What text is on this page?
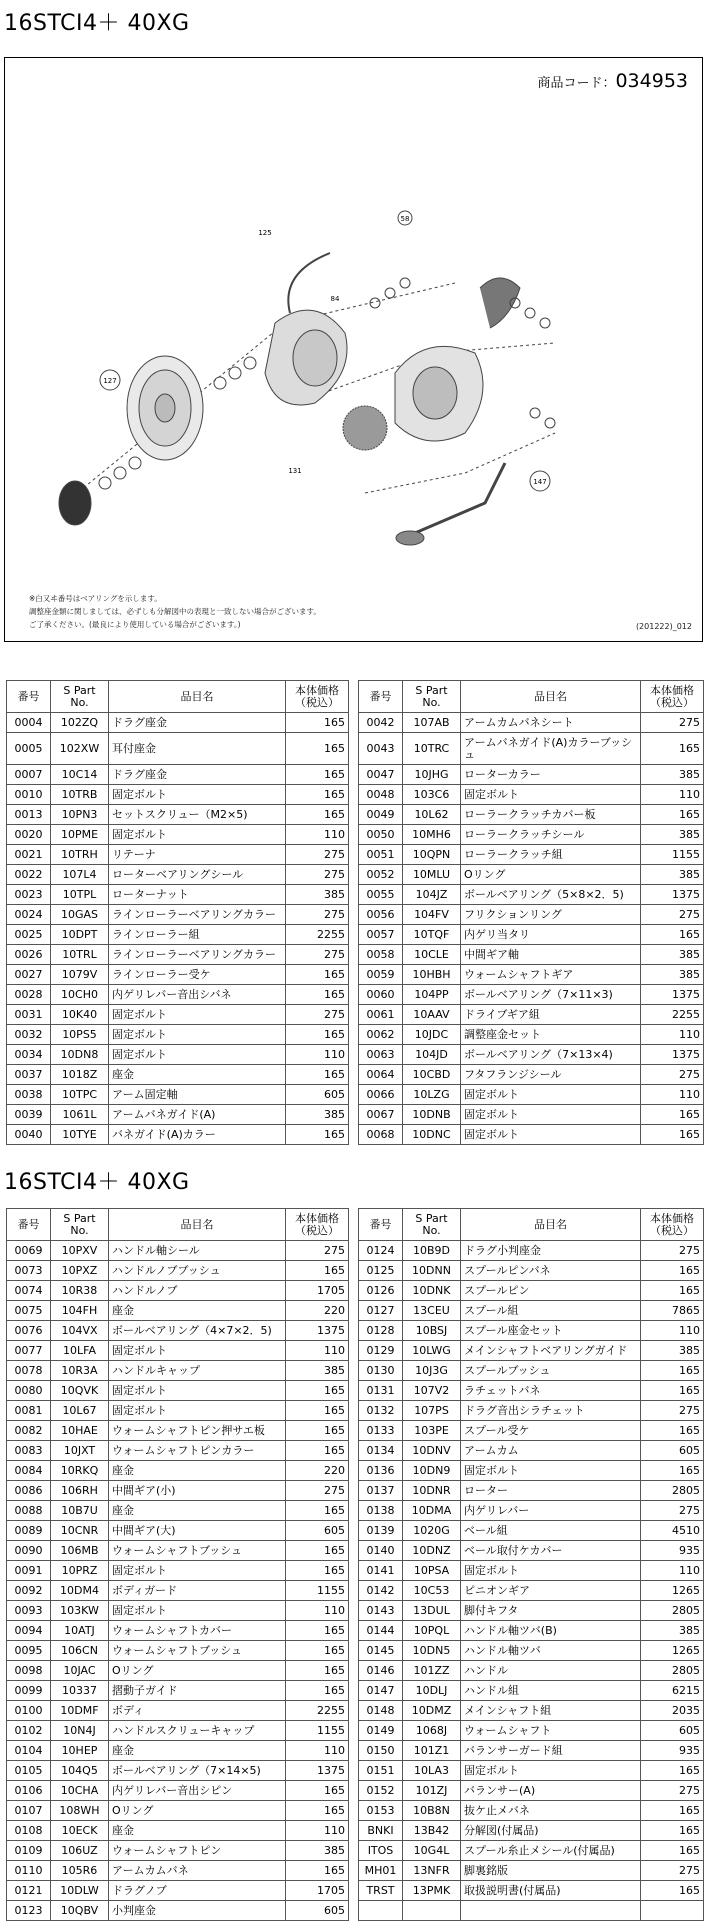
16STCI4＋ 40XG
商品コード：034953
127
147
58
125
84
131
※白又ヰ番号はベアリングを示します。
調整座金類に関しましては、必ずしも分解図中の表現と一致しない場合がございます。
ご了承ください。(最良により使用している場合がございます。)	(201222)_012
番号	S Part No.	品目名	本体価格（税込）		番号	S Part No.	品目名	本体価格（税込）
0004	102ZQ	ドラグ座金	165		0042	107AB	アームカムバネシート	275
0005	102XW	耳付座金	165		0043	10TRC	アームバネガイド(A)カラーブッシュ	165
0007	10C14	ドラグ座金	165		0047	10JHG	ローターカラー	385
0010	10TRB	固定ボルト	165		0048	103C6	固定ボルト	110
0013	10PN3	セットスクリュー（M2×5)	165		0049	10L62	ローラークラッチカバー板	165
0020	10PME	固定ボルト	110		0050	10MH6	ローラークラッチシール	385
0021	10TRH	リテーナ	275		0051	10QPN	ローラークラッチ組	1155
0022	107L4	ローターベアリングシール	275		0052	10MLU	Oリング	385
0023	10TPL	ローターナット	385		0055	104JZ	ボールベアリング（5×8×2．5)	1375
0024	10GAS	ラインローラーベアリングカラー	275		0056	104FV	フリクションリング	275
0025	10DPT	ラインローラー組	2255		0057	10TQF	内ゲリ当タリ	165
0026	10TRL	ラインローラーベアリングカラー	275		0058	10CLE	中間ギア軸	385
0027	1079V	ラインローラー受ケ	165		0059	10HBH	ウォームシャフトギア	385
0028	10CH0	内ゲリレバー音出シバネ	165		0060	104PP	ボールベアリング（7×11×3)	1375
0031	10K40	固定ボルト	275		0061	10AAV	ドライブギア組	2255
0032	10PS5	固定ボルト	165		0062	10JDC	調整座金セット	110
0034	10DN8	固定ボルト	110		0063	104JD	ボールベアリング（7×13×4)	1375
0037	1018Z	座金	165		0064	10CBD	フタフランジシール	275
0038	10TPC	アーム固定軸	605		0066	10LZG	固定ボルト	110
0039	1061L	アームバネガイド(A)	385		0067	10DNB	固定ボルト	165
0040	10TYE	バネガイド(A)カラー	165		0068	10DNC	固定ボルト	165
16STCI4＋ 40XG
番号	S Part No.	品目名	本体価格（税込）		番号	S Part No.	品目名	本体価格（税込）
0069	10PXV	ハンドル軸シール	275		0124	10B9D	ドラグ小判座金	275
0073	10PXZ	ハンドルノブブッシュ	165		0125	10DNN	スプールピンバネ	165
0074	10R38	ハンドルノブ	1705		0126	10DNK	スプールピン	165
0075	104FH	座金	220		0127	13CEU	スプール組	7865
0076	104VX	ボールベアリング（4×7×2．5)	1375		0128	10BSJ	スプール座金セット	110
0077	10LFA	固定ボルト	110		0129	10LWG	メインシャフトベアリングガイド	385
0078	10R3A	ハンドルキャップ	385		0130	10J3G	スプールブッシュ	165
0080	10QVK	固定ボルト	165		0131	107V2	ラチェットバネ	165
0081	10L67	固定ボルト	165		0132	107PS	ドラグ音出シラチェット	275
0082	10HAE	ウォームシャフトピン押サエ板	165		0133	103PE	スプール受ケ	165
0083	10JXT	ウォームシャフトピンカラー	165		0134	10DNV	アームカム	605
0084	10RKQ	座金	220		0136	10DN9	固定ボルト	165
0086	106RH	中間ギア(小)	275		0137	10DNR	ローター	2805
0088	10B7U	座金	165		0138	10DMA	内ゲリレバー	275
0089	10CNR	中間ギア(大)	605		0139	1020G	ベール組	4510
0090	106MB	ウォームシャフトブッシュ	165		0140	10DNZ	ベール取付ケカバー	935
0091	10PRZ	固定ボルト	165		0141	10PSA	固定ボルト	110
0092	10DM4	ボディガード	1155		0142	10C53	ピニオンギア	1265
0093	103KW	固定ボルト	110		0143	13DUL	脚付キフタ	2805
0094	10ATJ	ウォームシャフトカバー	165		0144	10PQL	ハンドル軸ツバ(B)	385
0095	106CN	ウォームシャフトブッシュ	165		0145	10DN5	ハンドル軸ツバ	1265
0098	10JAC	Oリング	165		0146	101ZZ	ハンドル	2805
0099	10337	摺動子ガイド	165		0147	10DLJ	ハンドル組	6215
0100	10DMF	ボディ	2255		0148	10DMZ	メインシャフト組	2035
0102	10N4J	ハンドルスクリューキャップ	1155		0149	1068J	ウォームシャフト	605
0104	10HEP	座金	110		0150	101Z1	バランサーガード組	935
0105	104Q5	ボールベアリング（7×14×5)	1375		0151	10LA3	固定ボルト	165
0106	10CHA	内ゲリレバー音出シピン	165		0152	101ZJ	バランサー(A)	275
0107	108WH	Oリング	165		0153	10B8N	抜ケ止メバネ	165
0108	10ECK	座金	110		BNKI	13B42	分解図(付属品)	165
0109	106UZ	ウォームシャフトピン	385		ITOS	10G4L	スプール糸止メシール(付属品)	165
0110	105R6	アームカムバネ	165		MH01	13NFR	脚裏銘版	275
0121	10DLW	ドラグノブ	1705		TRST	13PMK	取扱説明書(付属品)	165
0123	10QBV	小判座金	605					
